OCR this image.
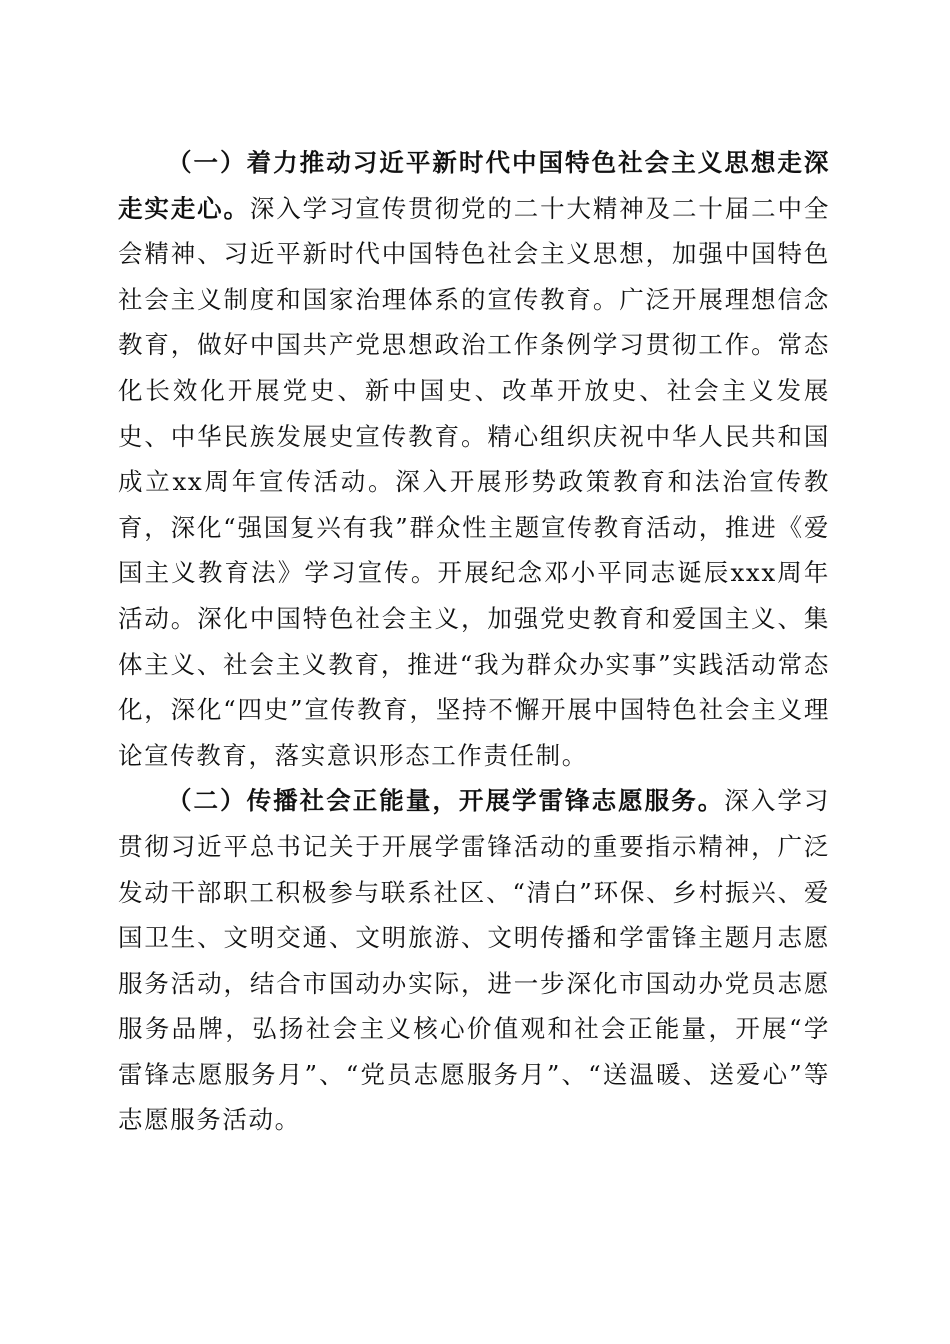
（一）着力推动习近平新时代中国特色社会主义思想走深走实走心。深入学习宣传贯彻党的二十大精神及二十届二中全会精神、习近平新时代中国特色社会主义思想，加强中国特色社会主义制度和国家治理体系的宣传教育。广泛开展理想信念教育，做好中国共产党思想政治工作条例学习贯彻工作。常态化长效化开展党史、新中国史、改革开放史、社会主义发展史、中华民族发展史宣传教育。精心组织庆祝中华人民共和国成立xx周年宣传活动。深入开展形势政策教育和法治宣传教育，深化“强国复兴有我”群众性主题宣传教育活动，推进《爱国主义教育法》学习宣传。开展纪念邓小平同志诞辰xxx周年活动。深化中国特色社会主义，加强党史教育和爱国主义、集体主义、社会主义教育，推进“我为群众办实事”实践活动常态化，深化“四史”宣传教育，坚持不懈开展中国特色社会主义理论宣传教育，落实意识形态工作责任制。

（二）传播社会正能量，开展学雷锋志愿服务。深入学习贯彻习近平总书记关于开展学雷锋活动的重要指示精神，广泛发动干部职工积极参与联系社区、“清白”环保、乡村振兴、爱国卫生、文明交通、文明旅游、文明传播和学雷锋主题月志愿服务活动，结合市国动办实际，进一步深化市国动办党员志愿服务品牌，弘扬社会主义核心价值观和社会正能量，开展“学雷锋志愿服务月”、“党员志愿服务月”、“送温暖、送爱心”等志愿服务活动。
